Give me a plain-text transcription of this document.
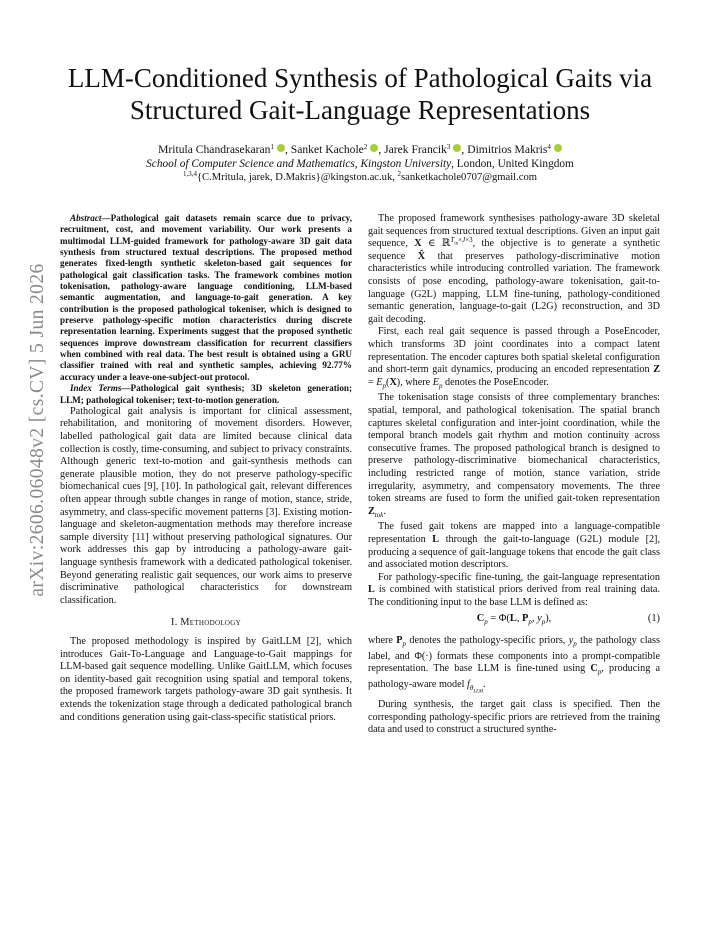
arXiv:2606.06048v2 [cs.CV] 5 Jun 2026
LLM-Conditioned Synthesis of Pathological Gaits via Structured Gait-Language Representations
Mritula Chandrasekaran$^1$ , Sanket Kachole$^2$ , Jarek Francik$^3$ , Dimitrios Makris$^4$
School of Computer Science and Mathematics, Kingston University, London, United Kingdom
$^{1,3,4}${C.Mritula, jarek, D.Makris}@kingston.ac.uk, $^2$sanketkachole0707@gmail.com

Abstract—Pathological gait datasets remain scarce due to privacy, recruitment, cost, and movement variability. Our work presents a multimodal LLM-guided framework for pathology-aware 3D gait data synthesis from structured textual descriptions. The proposed method generates fixed-length synthetic skeleton-based gait sequences for pathological gait classification tasks. The framework combines motion tokenisation, pathology-aware language conditioning, LLM-based semantic augmentation, and language-to-gait generation. A key contribution is the proposed pathological tokeniser, which is designed to preserve pathology-specific motion characteristics during discrete representation learning. Experiments suggest that the proposed synthetic sequences improve downstream classification for recurrent classifiers when combined with real data. The best result is obtained using a GRU classifier trained with real and synthetic samples, achieving 92.77% accuracy under a leave-one-subject-out protocol.

Index Terms—Pathological gait synthesis; 3D skeleton generation; LLM; pathological tokeniser; text-to-motion generation.

Pathological gait analysis is important for clinical assessment, rehabilitation, and monitoring of movement disorders. However, labelled pathological gait data are limited because clinical data collection is costly, time-consuming, and subject to privacy constraints. Although generic text-to-motion and gait-synthesis methods can generate plausible motion, they do not preserve pathology-specific biomechanical cues [9], [10]. In pathological gait, relevant differences often appear through subtle changes in range of motion, stance, stride, asymmetry, and class-specific movement patterns [3]. Existing motion-language and skeleton-augmentation methods may therefore increase sample diversity [11] without preserving pathological signatures. Our work addresses this gap by introducing a pathology-aware gait-language synthesis framework with a dedicated pathological tokeniser. Beyond generating realistic gait sequences, our work aims to preserve discriminative pathological characteristics for downstream classification.

I. Methodology

The proposed methodology is inspired by GaitLLM [2], which introduces Gait-To-Language and Language-to-Gait mappings for LLM-based gait sequence modelling. Unlike GaitLLM, which focuses on identity-based gait recognition using spatial and temporal tokens, the proposed framework targets pathology-aware 3D gait synthesis. It extends the tokenization stage through a dedicated pathological branch and conditions generation using gait-class-specific statistical priors.

The proposed framework synthesises pathology-aware 3D skeletal gait sequences from structured textual descriptions. Given an input gait sequence, X ∈ ℝ$^{T_{in}\times J\times 3}$, the objective is to generate a synthetic sequence X̂ that preserves pathology-discriminative motion characteristics while introducing controlled variation. The framework consists of pose encoding, pathology-aware tokenisation, gait-to-language (G2L) mapping, LLM fine-tuning, pathology-conditioned semantic generation, language-to-gait (L2G) reconstruction, and 3D gait decoding.

First, each real gait sequence is passed through a PoseEncoder, which transforms 3D joint coordinates into a compact latent representation. The encoder captures both spatial skeletal configuration and short-term gait dynamics, producing an encoded representation $Z = E_p(X)$, where $E_p$ denotes the PoseEncoder.

The tokenisation stage consists of three complementary branches: spatial, temporal, and pathological tokenisation. The spatial branch captures skeletal configuration and inter-joint coordination, while the temporal branch models gait rhythm and motion continuity across consecutive frames. The proposed pathological branch is designed to preserve pathology-discriminative biomechanical characteristics, including restricted range of motion, stance variation, stride irregularity, asymmetry, and compensatory movements. The three token streams are fused to form the unified gait-token representation $Z_{tok}$.

The fused gait tokens are mapped into a language-compatible representation L through the gait-to-language (G2L) module [2], producing a sequence of gait-language tokens that encode the gait class and associated motion descriptors.

For pathology-specific fine-tuning, the gait-language representation L is combined with statistical priors derived from real training data. The conditioning input to the base LLM is defined as:

$C_p = \Phi(L$, $P_p$, $y_p$),	(1)

where $P_p$ denotes the pathology-specific priors, $y_p$ the pathology class label, and Φ(·) formats these components into a prompt-compatible representation. The base LLM is fine-tuned using $C_p$, producing a pathology-aware model $f_{\theta_{LLM}}$.

During synthesis, the target gait class is specified. Then the corresponding pathology-specific priors are retrieved from the training data and used to construct a structured synthe-
